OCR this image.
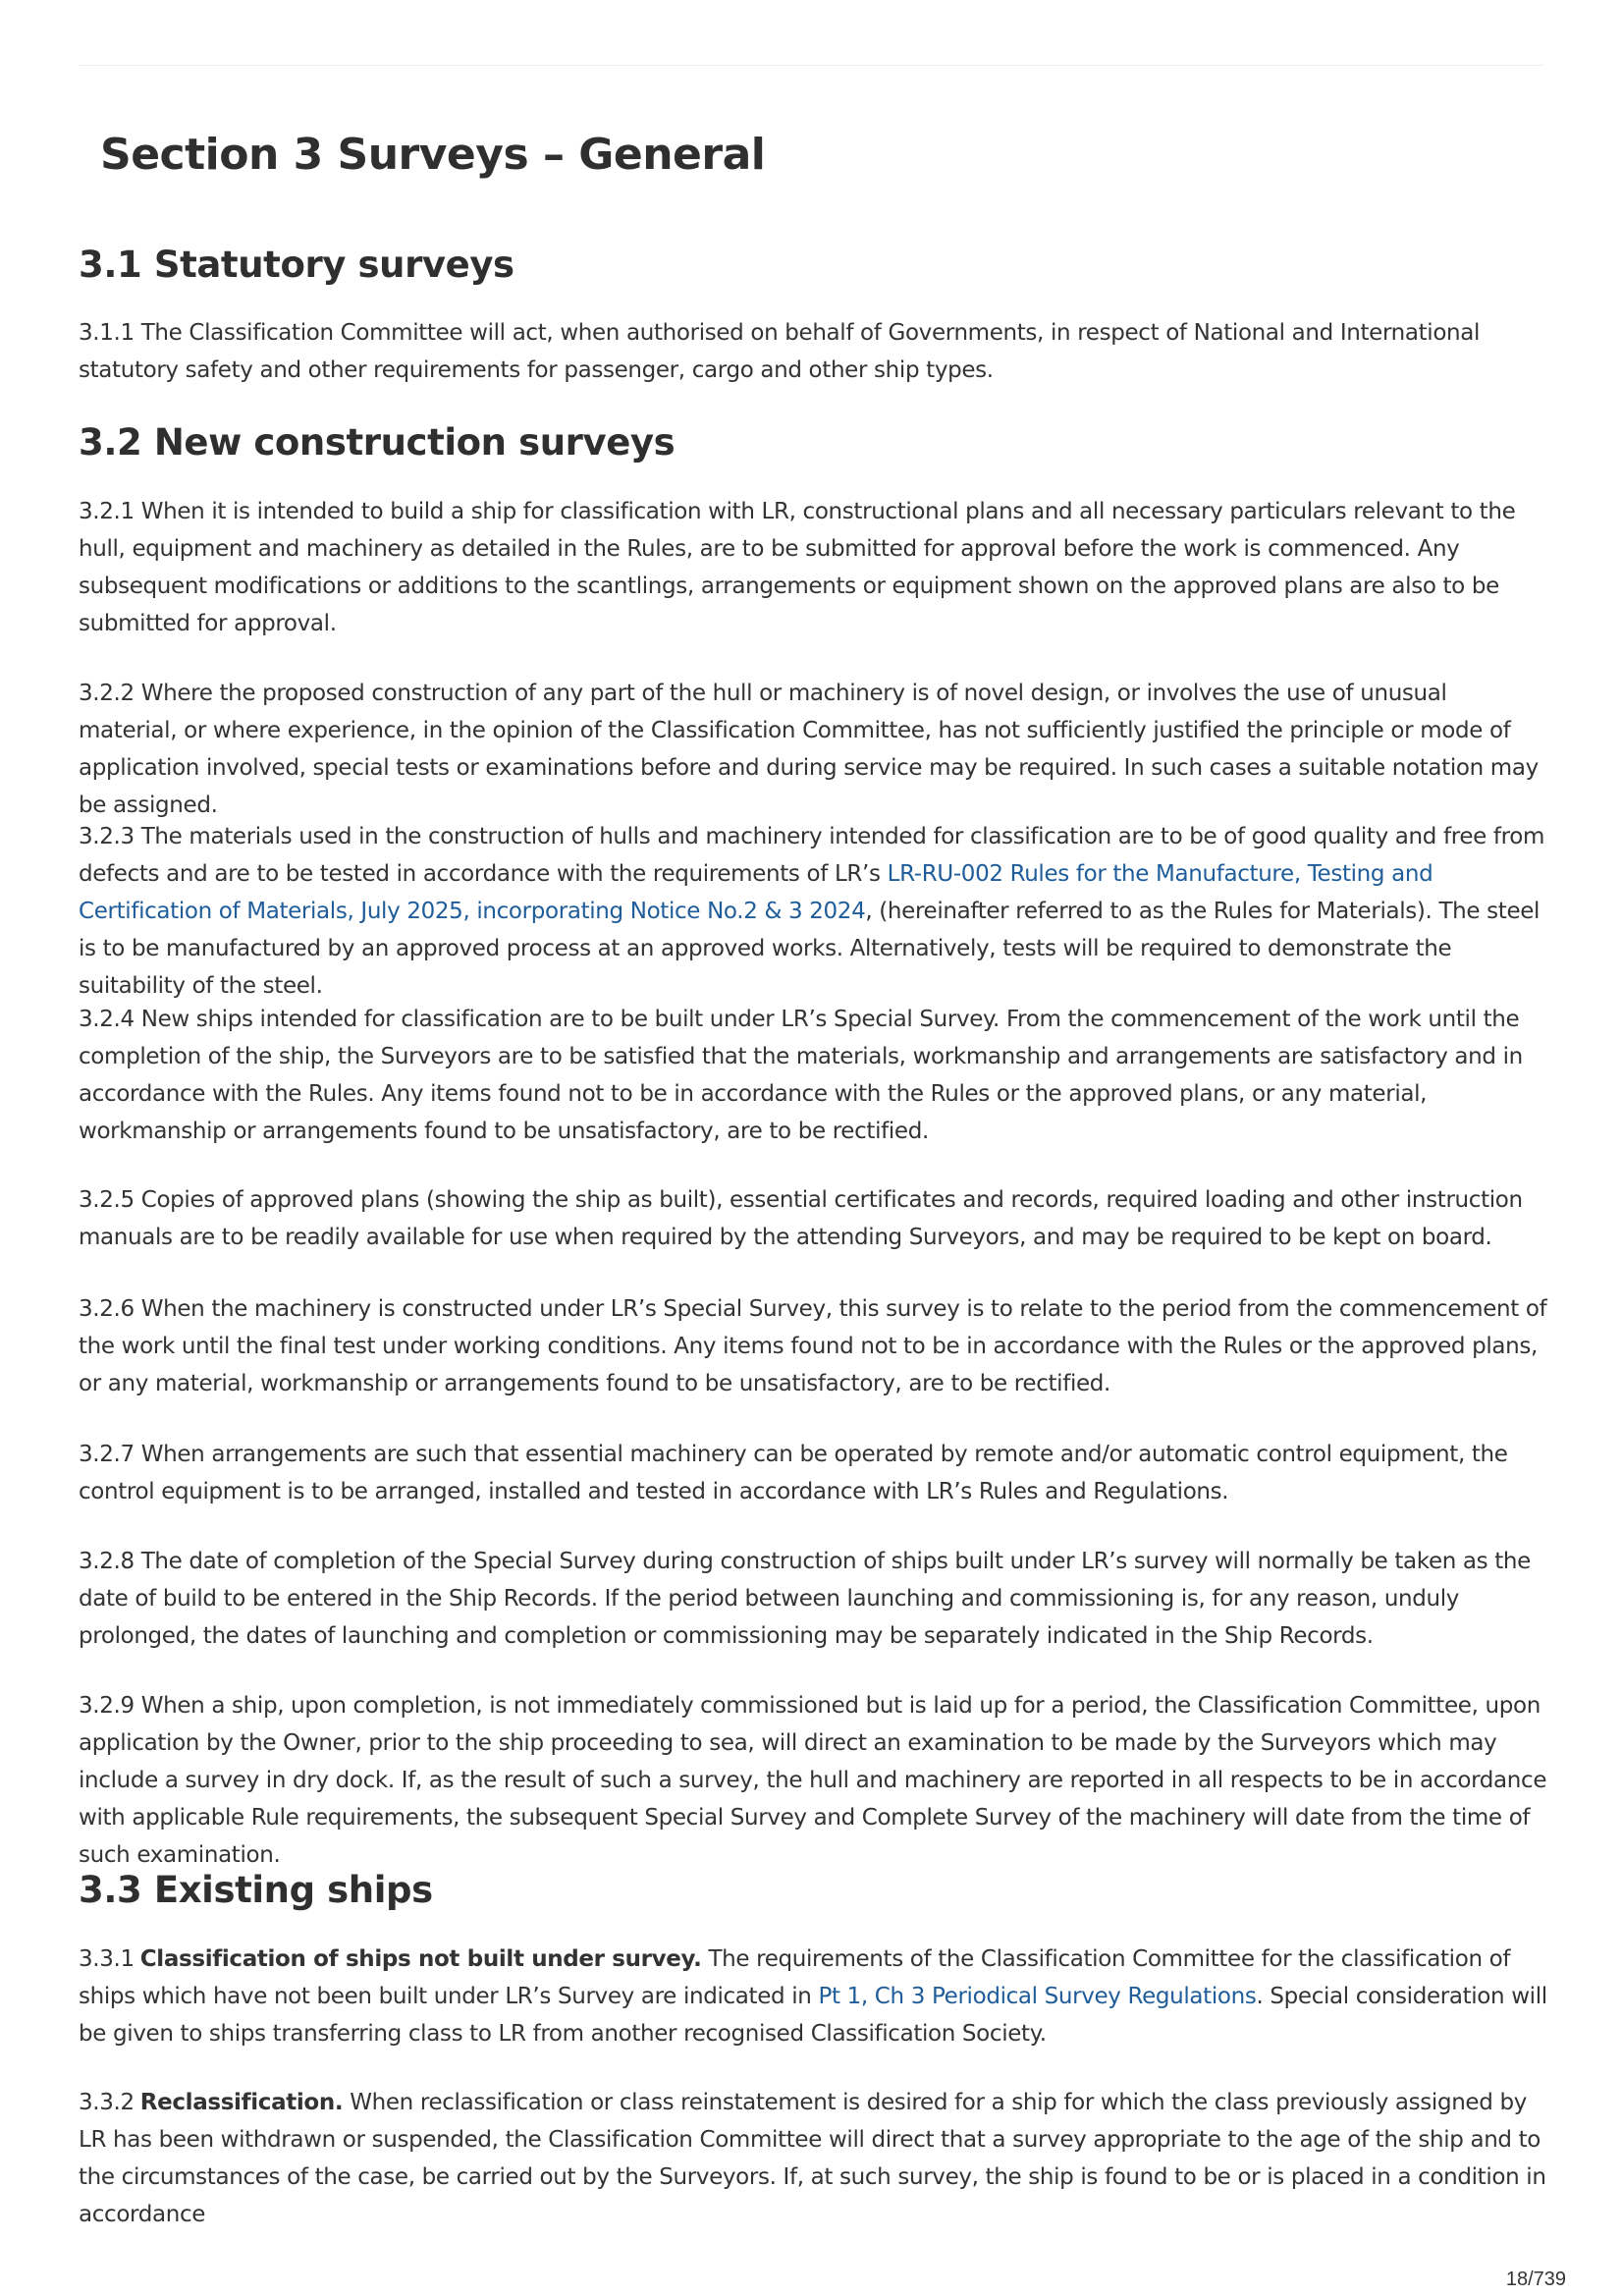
Section 3 Surveys – General
3.1 Statutory surveys

3.1.1 The Classification Committee will act, when authorised on behalf of Governments, in respect of National and International statutory safety and other requirements for passenger, cargo and other ship types.

3.2 New construction surveys

3.2.1 When it is intended to build a ship for classification with LR, constructional plans and all necessary particulars relevant to the hull, equipment and machinery as detailed in the Rules, are to be submitted for approval before the work is commenced. Any subsequent modifications or additions to the scantlings, arrangements or equipment shown on the approved plans are also to be submitted for approval.

3.2.2 Where the proposed construction of any part of the hull or machinery is of novel design, or involves the use of unusual material, or where experience, in the opinion of the Classification Committee, has not sufficiently justified the principle or mode of application involved, special tests or examinations before and during service may be required. In such cases a suitable notation may be assigned.

3.2.3 The materials used in the construction of hulls and machinery intended for classification are to be of good quality and free from defects and are to be tested in accordance with the requirements of LR’s LR-RU-002 Rules for the Manufacture, Testing and Certification of Materials, July 2025, incorporating Notice No.2 & 3 2024, (hereinafter referred to as the Rules for Materials). The steel is to be manufactured by an approved process at an approved works. Alternatively, tests will be required to demonstrate the suitability of the steel.

3.2.4 New ships intended for classification are to be built under LR’s Special Survey. From the commencement of the work until the completion of the ship, the Surveyors are to be satisfied that the materials, workmanship and arrangements are satisfactory and in accordance with the Rules. Any items found not to be in accordance with the Rules or the approved plans, or any material, workmanship or arrangements found to be unsatisfactory, are to be rectified.

3.2.5 Copies of approved plans (showing the ship as built), essential certificates and records, required loading and other instruction manuals are to be readily available for use when required by the attending Surveyors, and may be required to be kept on board.

3.2.6 When the machinery is constructed under LR’s Special Survey, this survey is to relate to the period from the commencement of the work until the final test under working conditions. Any items found not to be in accordance with the Rules or the approved plans, or any material, workmanship or arrangements found to be unsatisfactory, are to be rectified.

3.2.7 When arrangements are such that essential machinery can be operated by remote and/or automatic control equipment, the control equipment is to be arranged, installed and tested in accordance with LR’s Rules and Regulations.

3.2.8 The date of completion of the Special Survey during construction of ships built under LR’s survey will normally be taken as the date of build to be entered in the Ship Records. If the period between launching and commissioning is, for any reason, unduly prolonged, the dates of launching and completion or commissioning may be separately indicated in the Ship Records.

3.2.9 When a ship, upon completion, is not immediately commissioned but is laid up for a period, the Classification Committee, upon application by the Owner, prior to the ship proceeding to sea, will direct an examination to be made by the Surveyors which may include a survey in dry dock. If, as the result of such a survey, the hull and machinery are reported in all respects to be in accordance with applicable Rule requirements, the subsequent Special Survey and Complete Survey of the machinery will date from the time of such examination.

3.3 Existing ships

3.3.1 Classification of ships not built under survey. The requirements of the Classification Committee for the classification of ships which have not been built under LR’s Survey are indicated in Pt 1, Ch 3 Periodical Survey Regulations. Special consideration will be given to ships transferring class to LR from another recognised Classification Society.

3.3.2 Reclassification. When reclassification or class reinstatement is desired for a ship for which the class previously assigned by LR has been withdrawn or suspended, the Classification Committee will direct that a survey appropriate to the age of the ship and to the circumstances of the case, be carried out by the Surveyors. If, at such survey, the ship is found to be or is placed in a condition in accordance

18/739
